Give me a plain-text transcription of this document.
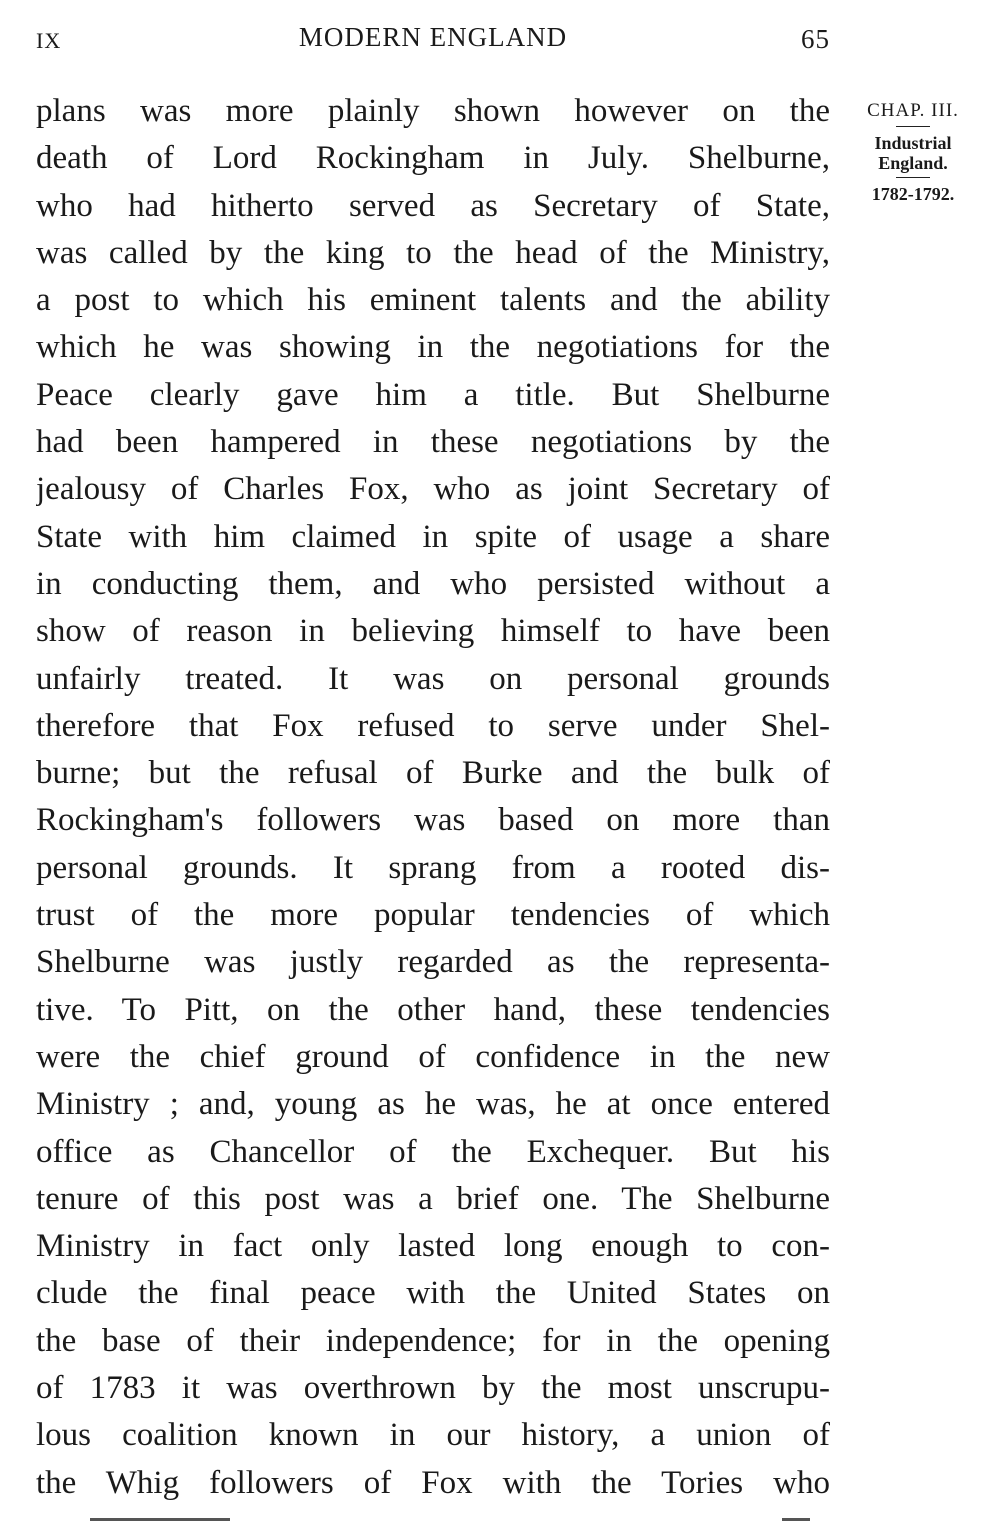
IX	MODERN ENGLAND	65
plans was more plainly shown however on the
death of Lord Rockingham in July. Shelburne,
who had hitherto served as Secretary of State,
was called by the king to the head of the Ministry,
a post to which his eminent talents and the ability
which he was showing in the negotiations for the
Peace clearly gave him a title. But Shelburne
had been hampered in these negotiations by the
jealousy of Charles Fox, who as joint Secretary of
State with him claimed in spite of usage a share
in conducting them, and who persisted without a
show of reason in believing himself to have been
unfairly treated. It was on personal grounds
therefore that Fox refused to serve under Shel-
burne; but the refusal of Burke and the bulk of
Rockingham's followers was based on more than
personal grounds. It sprang from a rooted dis-
trust of the more popular tendencies of which
Shelburne was justly regarded as the representa-
tive. To Pitt, on the other hand, these tendencies
were the chief ground of confidence in the new
Ministry ; and, young as he was, he at once entered
office as Chancellor of the Exchequer. But his
tenure of this post was a brief one. The Shelburne
Ministry in fact only lasted long enough to con-
clude the final peace with the United States on
the base of their independence; for in the opening
of 1783 it was overthrown by the most unscrupu-
lous coalition known in our history, a union of
the Whig followers of Fox with the Tories who
CHAP. III.
Industrial
England.
1782-1792.
